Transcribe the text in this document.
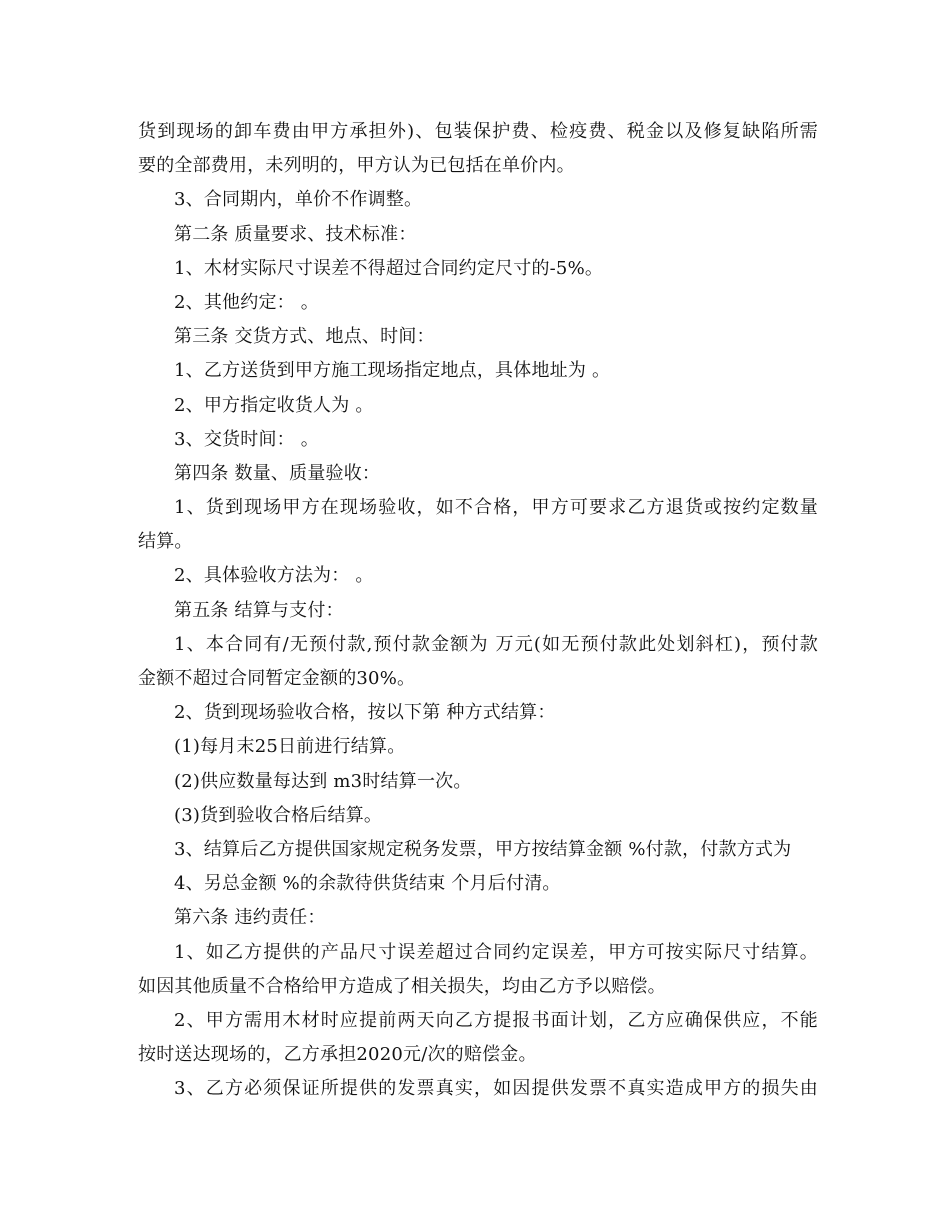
货到现场的卸车费由甲方承担外)、包装保护费、检疫费、税金以及修复缺陷所需
要的全部费用，未列明的，甲方认为已包括在单价内。
3、合同期内，单价不作调整。
第二条 质量要求、技术标准：
1、木材实际尺寸误差不得超过合同约定尺寸的-5%。
2、其他约定： 。
第三条 交货方式、地点、时间：
1、乙方送货到甲方施工现场指定地点，具体地址为 。
2、甲方指定收货人为 。
3、交货时间： 。
第四条 数量、质量验收：
1、货到现场甲方在现场验收，如不合格，甲方可要求乙方退货或按约定数量
结算。
2、具体验收方法为： 。
第五条 结算与支付：
1、本合同有/无预付款,预付款金额为 万元(如无预付款此处划斜杠)，预付款
金额不超过合同暂定金额的30%。
2、货到现场验收合格，按以下第 种方式结算：
(1)每月末25日前进行结算。
(2)供应数量每达到 m3时结算一次。
(3)货到验收合格后结算。
3、结算后乙方提供国家规定税务发票，甲方按结算金额 %付款，付款方式为
4、另总金额 %的余款待供货结束 个月后付清。
第六条 违约责任：
1、如乙方提供的产品尺寸误差超过合同约定误差，甲方可按实际尺寸结算。
如因其他质量不合格给甲方造成了相关损失，均由乙方予以赔偿。
2、甲方需用木材时应提前两天向乙方提报书面计划，乙方应确保供应，不能
按时送达现场的，乙方承担2020元/次的赔偿金。
3、乙方必须保证所提供的发票真实，如因提供发票不真实造成甲方的损失由
